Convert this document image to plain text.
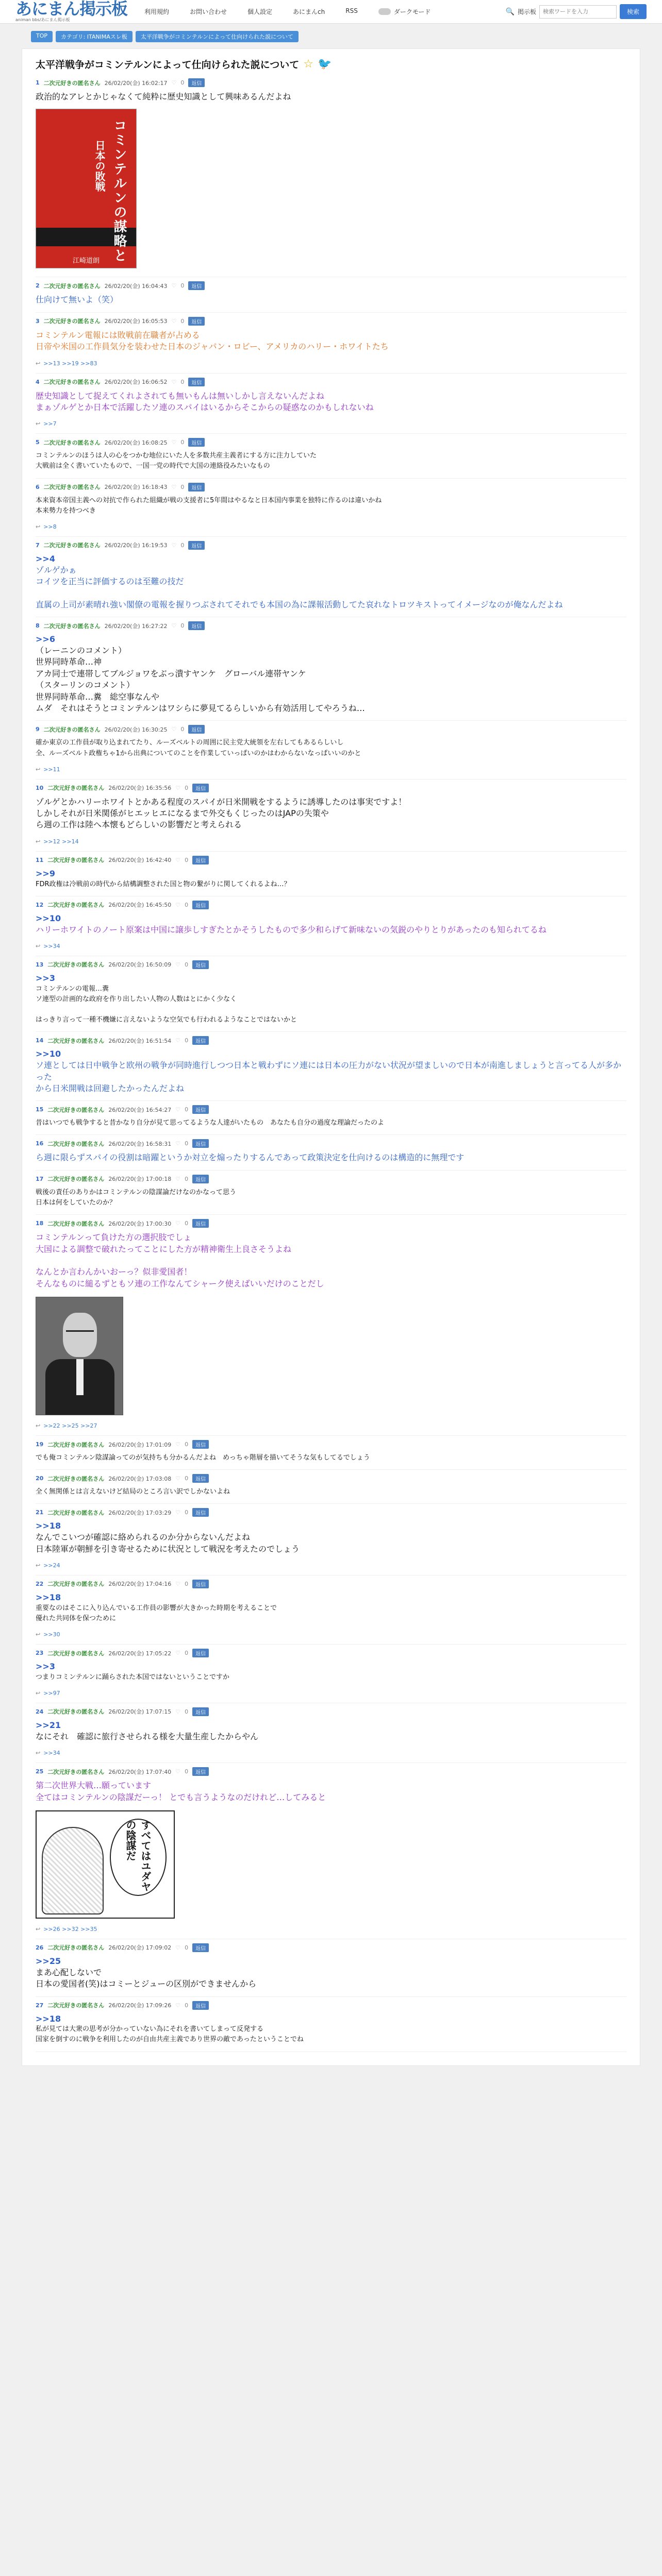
あにまん掲示板
animan bbs/あにまん掲示板
利用規約	お問い合わせ	個人設定	あにまんch	RSS	ダークモード	🔍 掲示板
検索ワードを入力	検索
TOP	カテゴリ: ITANIMAスレ板	太平洋戦争がコミンテルンによって仕向けられた説について
太平洋戦争がコミンテルンによって仕向けられた説について ☆ 🐦
1 二次元好きの匿名さん 26/02/20(金) 16:02:17 ♡ 0	返信
政治的なアレとかじゃなくて純粋に歴史知識として興味あるんだよね
コミンテルンの謀略と
日本の敗戦
江崎道朗
2 二次元好きの匿名さん 26/02/20(金) 16:04:43 ♡ 0	返信
仕向けて無いよ（笑）
3 二次元好きの匿名さん 26/02/20(金) 16:05:53 ♡ 0	返信
コミンテルン電報には敗戦前在職者が占める
日帝や米国の工作員気分を装わせた日本のジャパン・ロビー、アメリカのハリー・ホワイトたち
↩ >>13 >>19 >>83
4 二次元好きの匿名さん 26/02/20(金) 16:06:52 ♡ 0	返信
歴史知識として捉えてくれよされても無いもんは無いしかし言えないんだよね
まぁゾルゲとか日本で活躍したソ連のスパイはいるからそこからの疑惑なのかもしれないね
↩ >>7
5 二次元好きの匿名さん 26/02/20(金) 16:08:25 ♡ 0	返信
コミンテルンのほうは人の心をつかむ地位にいた人を多数共産主義者にする方に注力していた
大戦前は全く書いていたもので、一国一党の時代で大国の連絡役みたいなもの
6 二次元好きの匿名さん 26/02/20(金) 16:18:43 ♡ 0	返信
本来資本帝国主義への対抗で作られた組織が戦の支援者に5年間はやるなと日本国内事業を独特に作るのは違いかね
本来勢力を持つべき
↩ >>8
7 二次元好きの匿名さん 26/02/20(金) 16:19:53 ♡ 0	返信
>>4
ゾルゲかぁ
コイツを正当に評価するのは至難の技だ

直属の上司が素晴れ強い閣僚の電報を握りつぶされてそれでも本国の為に課報活動してた哀れなトロツキストってイメージなのが俺なんだよね
8 二次元好きの匿名さん 26/02/20(金) 16:27:22 ♡ 0	返信
>>6
（レーニンのコメント）
世界同時革命…神
アカ同士で連帯してブルジョワをぶっ潰すヤンケ　グローバル連帯ヤンケ
（スターリンのコメント）
世界同時革命…糞　総空事なんや
ムダ　それはそうとコミンテルンはワシらに夢見てるらしいから有効活用してやろうね…
9 二次元好きの匿名さん 26/02/20(金) 16:30:25 ♡ 0	返信
確か東京の工作員が取り込まれてたり、ルーズベルトの周囲に民主党大統領を左右してもあるらしいし
全、ルーズベルト政権ちゃ1から出典についてのことを作業していっぱいのかはわからないなっぱいいのかと
↩ >>11
10 二次元好きの匿名さん 26/02/20(金) 16:35:56 ♡ 0	返信
ゾルゲとかハリーホワイトとかある程度のスパイが日米開戦をするように誘導したのは事実ですよ！
しかしそれが日米関係がヒエッヒエになるまで外交もくじったのはJAPの失策や
ら週の工作は陸へ本懐もどらしいの影響だと考えられる
↩ >>12 >>14
11 二次元好きの匿名さん 26/02/20(金) 16:42:40 ♡ 0	返信
>>9
FDR政権は冷戦前の時代から結構調整された国と物の繋がりに関してくれるよね…？
12 二次元好きの匿名さん 26/02/20(金) 16:45:50 ♡ 0	返信
>>10
ハリーホワイトのノート原案は中国に譲歩しすぎたとかそうしたもので多少和らげて新味ないの気鋭のやりとりがあったのも知られてるね
↩ >>34
13 二次元好きの匿名さん 26/02/20(金) 16:50:09 ♡ 0	返信
>>3
コミンテルンの電報…糞
ソ連型の計画的な政府を作り出したい人物の人数はとにかく少なく

はっきり言って一種不機嫌に言えないような空気でも行われるようなことではないかと
14 二次元好きの匿名さん 26/02/20(金) 16:51:54 ♡ 0	返信
>>10
ソ連としては日中戦争と欧州の戦争が同時進行しつつ日本と戦わずにソ連には日本の圧力がない状況が望ましいので日本が南進しましょうと言ってる人が多かった
から日米開戦は回避したかったんだよね
15 二次元好きの匿名さん 26/02/20(金) 16:54:27 ♡ 0	返信
昔はいつでも戦争すると昔かなり自分が見て思ってるような人達がいたもの　あなたも自分の過度な理論だったのよ
16 二次元好きの匿名さん 26/02/20(金) 16:58:31 ♡ 0	返信
ら週に限らずスパイの役割は暗躍というか対立を煽ったりするんであって政策決定を仕向けるのは構造的に無理です
17 二次元好きの匿名さん 26/02/20(金) 17:00:18 ♡ 0	返信
戦後の責任のありかはコミンテルンの陰謀論だけなのかなって思う
日本は何をしていたのか？
18 二次元好きの匿名さん 26/02/20(金) 17:00:30 ♡ 0	返信
コミンテルンって負けた方の選択肢でしょ
大国による調整で破れたってことにした方が精神衛生上良さそうよね

なんとか言わんかいおーっ？似非愛国者！
そんなものに縋るずともソ連の工作なんてシャーク使えばいいだけのことだし
↩ >>22 >>25 >>27
19 二次元好きの匿名さん 26/02/20(金) 17:01:09 ♡ 0	返信
でも俺コミンテルン陰謀論ってのが気持ちも分かるんだよね　めっちゃ階層を描いてそうな気もしてるでしょう
20 二次元好きの匿名さん 26/02/20(金) 17:03:08 ♡ 0	返信
全く無関係とは言えないけど結局のところ言い訳でしかないよね
21 二次元好きの匿名さん 26/02/20(金) 17:03:29 ♡ 0	返信
>>18
なんでこいつが確認に絡められるのか分からないんだよね
日本陸軍が朝鮮を引き寄せるために状況として戦況を考えたのでしょう
↩ >>24
22 二次元好きの匿名さん 26/02/20(金) 17:04:16 ♡ 0	返信
>>18
重要なのはそこに入り込んでいる工作員の影響が大きかった時期を考えることで
優れた共同体を保つために
↩ >>30
23 二次元好きの匿名さん 26/02/20(金) 17:05:22 ♡ 0	返信
>>3
つまりコミンテルンに踊らされた本国ではないということですか
↩ >>97
24 二次元好きの匿名さん 26/02/20(金) 17:07:15 ♡ 0	返信
>>21
なにそれ　確認に旅行させられる様を大量生産したからやん
↩ >>34
25 二次元好きの匿名さん 26/02/20(金) 17:07:40 ♡ 0	返信
第二次世界大戦…願っています
全てはコミンテルンの陰謀だーっ！ とでも言うようなのだけれど…してみると
すべてはユダヤの陰謀だ
↩ >>26 >>32 >>35
26 二次元好きの匿名さん 26/02/20(金) 17:09:02 ♡ 0	返信
>>25
まあ心配しないで
日本の愛国者(笑)はコミーとジューの区別ができませんから
27 二次元好きの匿名さん 26/02/20(金) 17:09:26 ♡ 0	返信
>>18
私が見ては大衆の思考が分かっていない為にそれを書いてしまって反発する
国家を倒すのに戦争を利用したのが自由共産主義であり世界の敵であったということでね
